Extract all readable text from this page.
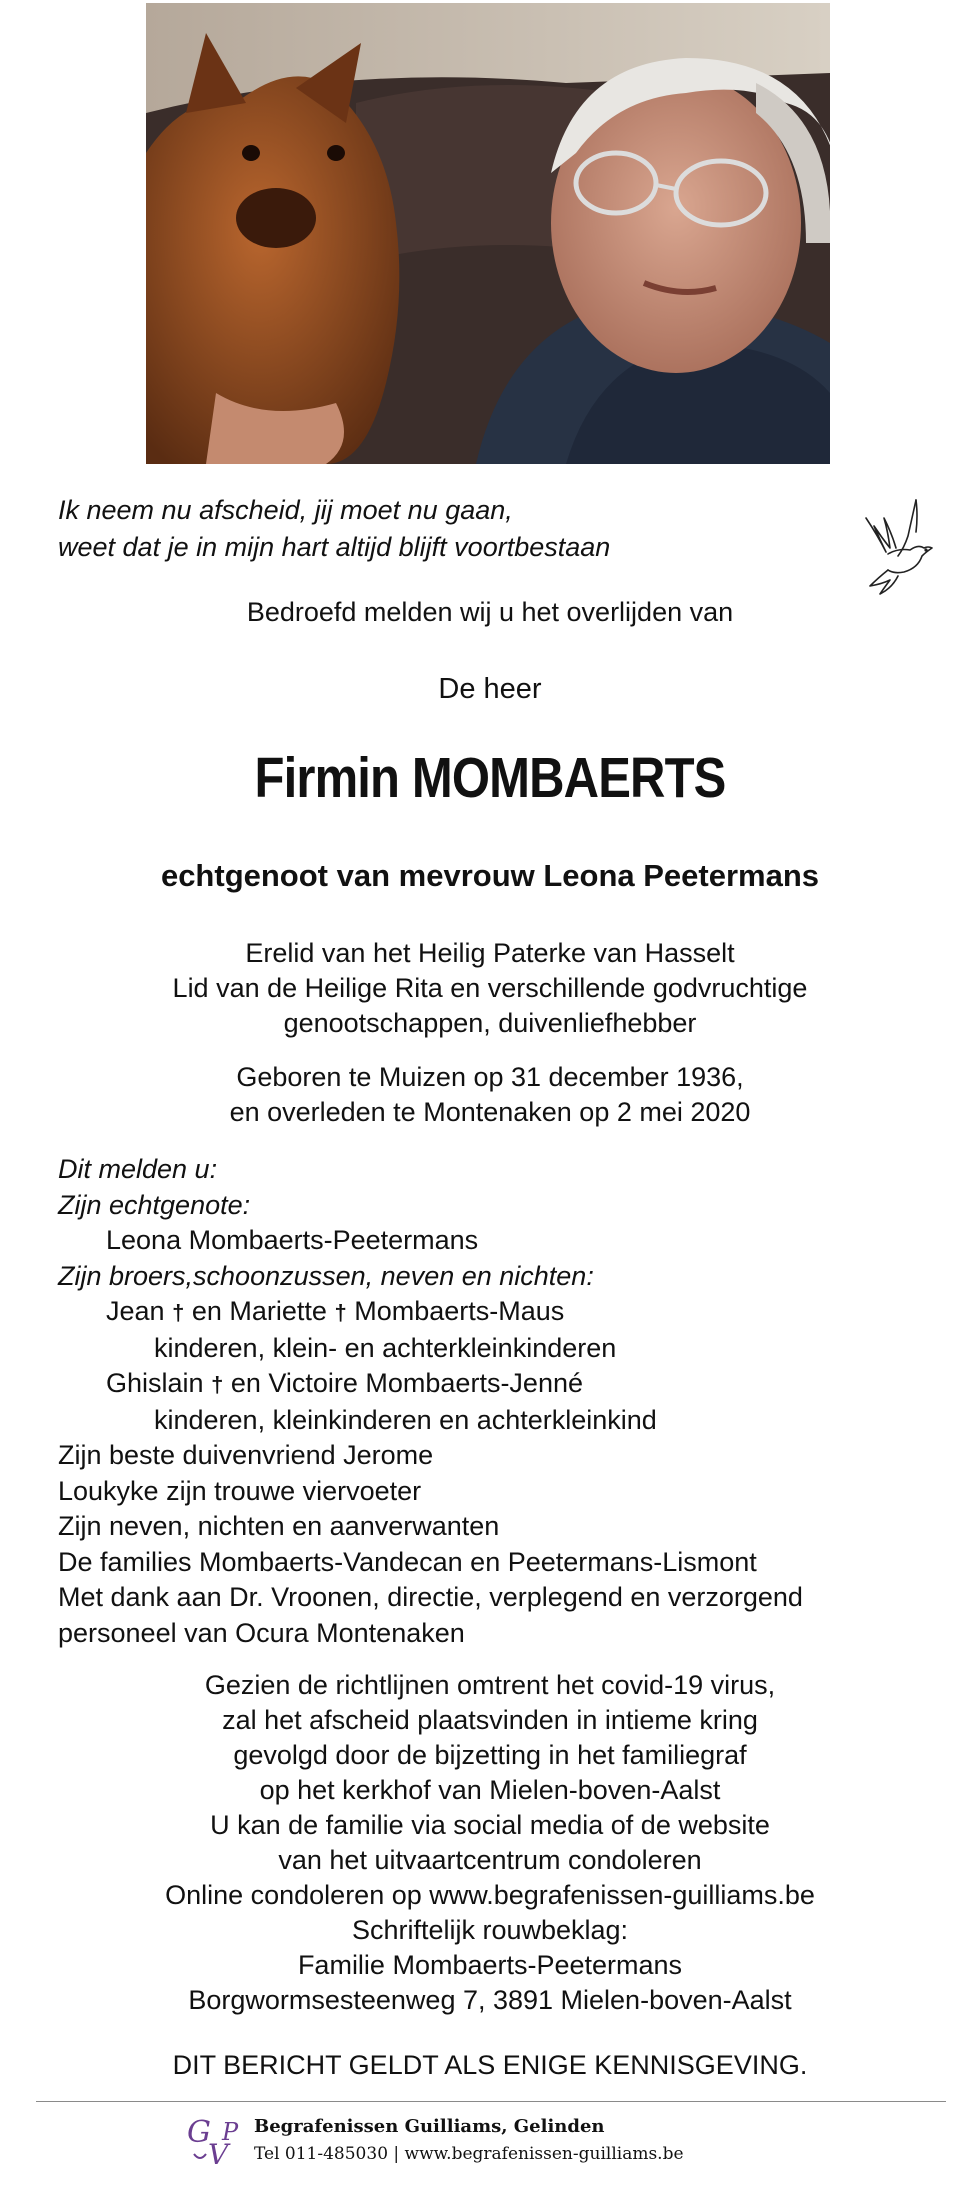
Ik neem nu afscheid, jij moet nu gaan,
weet dat je in mijn hart altijd blijft voortbestaan
Bedroefd melden wij u het overlijden van
De heer
Firmin MOMBAERTS
echtgenoot van mevrouw Leona Peetermans
Erelid van het Heilig Paterke van Hasselt
Lid van de Heilige Rita en verschillende godvruchtige
genootschappen, duivenliefhebber
Geboren te Muizen op 31 december 1936,
en overleden te Montenaken op 2 mei 2020
Dit melden u:
Zijn echtgenote:
Leona Mombaerts-Peetermans
Zijn broers,schoonzussen, neven en nichten:
Jean † en Mariette † Mombaerts-Maus
kinderen, klein- en achterkleinkinderen
Ghislain † en Victoire Mombaerts-Jenné
kinderen, kleinkinderen en achterkleinkind
Zijn beste duivenvriend Jerome
Loukyke zijn trouwe viervoeter
Zijn neven, nichten en aanverwanten
De families Mombaerts-Vandecan en Peetermans-Lismont
Met dank aan Dr. Vroonen, directie, verplegend en verzorgend
personeel van Ocura Montenaken
Gezien de richtlijnen omtrent het covid-19 virus,
zal het afscheid plaatsvinden in intieme kring
gevolgd door de bijzetting in het familiegraf
op het kerkhof van Mielen-boven-Aalst
U kan de familie via social media of de website
van het uitvaartcentrum condoleren
Online condoleren op www.begrafenissen-guilliams.be
Schriftelijk rouwbeklag:
Familie Mombaerts-Peetermans
Borgwormsesteenweg 7, 3891 Mielen-boven-Aalst
DIT BERICHT GELDT ALS ENIGE KENNISGEVING.
G
V
P Begrafenissen Guilliams, Gelinden
Tel 011-485030 | www.begrafenissen-guilliams.be
